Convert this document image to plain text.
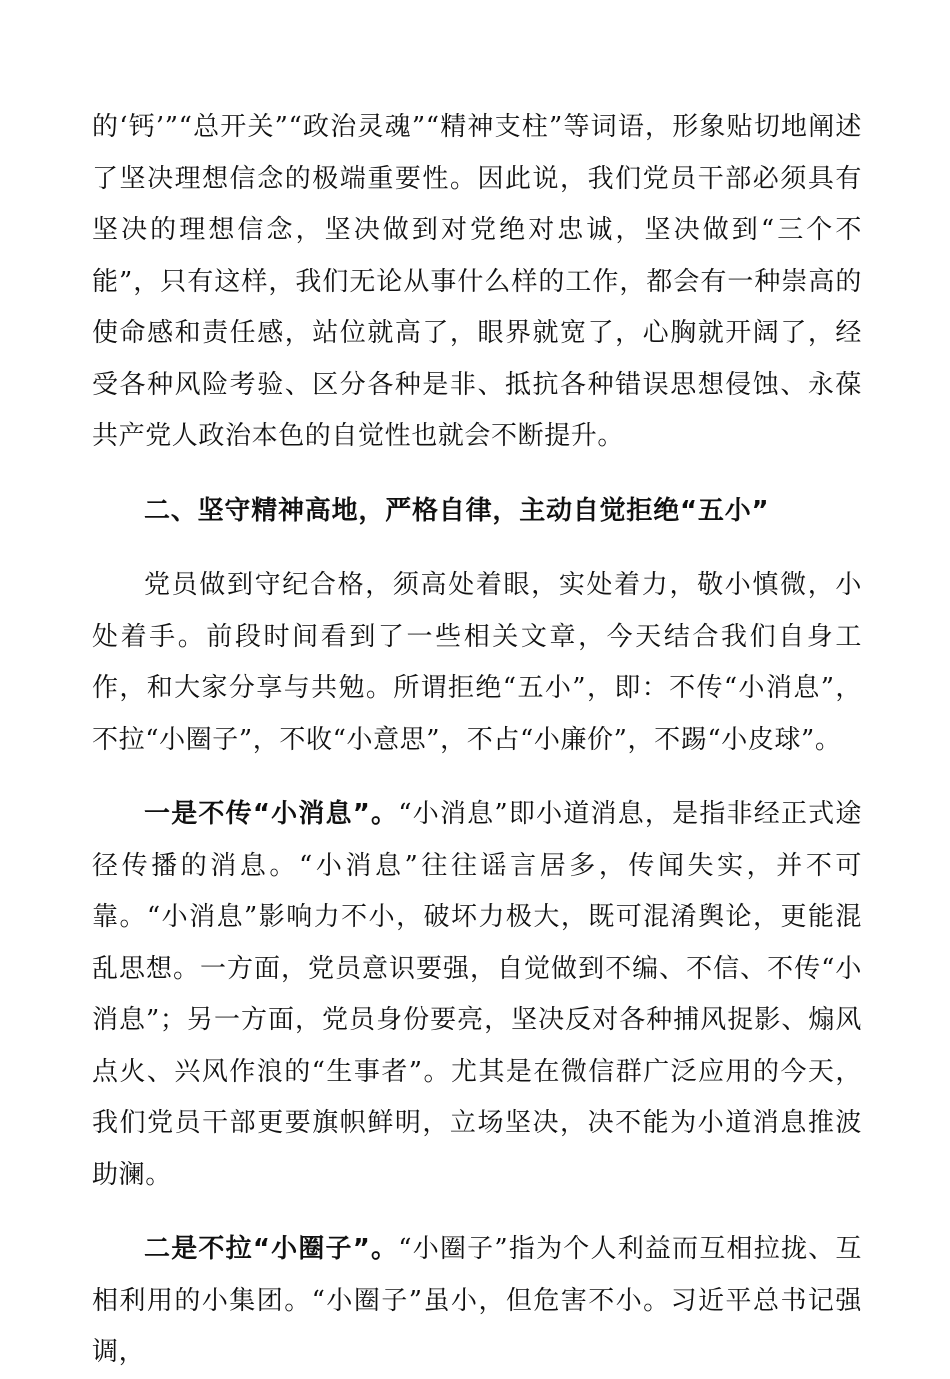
的‘钙’”“总开关”“政治灵魂”“精神支柱”等词语，形象贴切地阐述了坚决理想信念的极端重要性。因此说，我们党员干部必须具有坚决的理想信念，坚决做到对党绝对忠诚，坚决做到“三个不能”，只有这样，我们无论从事什么样的工作，都会有一种崇高的使命感和责任感，站位就高了，眼界就宽了，心胸就开阔了，经受各种风险考验、区分各种是非、抵抗各种错误思想侵蚀、永葆共产党人政治本色的自觉性也就会不断提升。

二、坚守精神高地，严格自律，主动自觉拒绝“五小”

党员做到守纪合格，须高处着眼，实处着力，敬小慎微，小处着手。前段时间看到了一些相关文章，今天结合我们自身工作，和大家分享与共勉。所谓拒绝“五小”，即：不传“小消息”，不拉“小圈子”，不收“小意思”，不占“小廉价”，不踢“小皮球”。

一是不传“小消息”。“小消息”即小道消息，是指非经正式途径传播的消息。“小消息”往往谣言居多，传闻失实，并不可靠。“小消息”影响力不小，破坏力极大，既可混淆舆论，更能混乱思想。一方面，党员意识要强，自觉做到不编、不信、不传“小消息”；另一方面，党员身份要亮，坚决反对各种捕风捉影、煽风点火、兴风作浪的“生事者”。尤其是在微信群广泛应用的今天，我们党员干部更要旗帜鲜明，立场坚决，决不能为小道消息推波助澜。

二是不拉“小圈子”。“小圈子”指为个人利益而互相拉拢、互相利用的小集团。“小圈子”虽小，但危害不小。习近平总书记强调，
